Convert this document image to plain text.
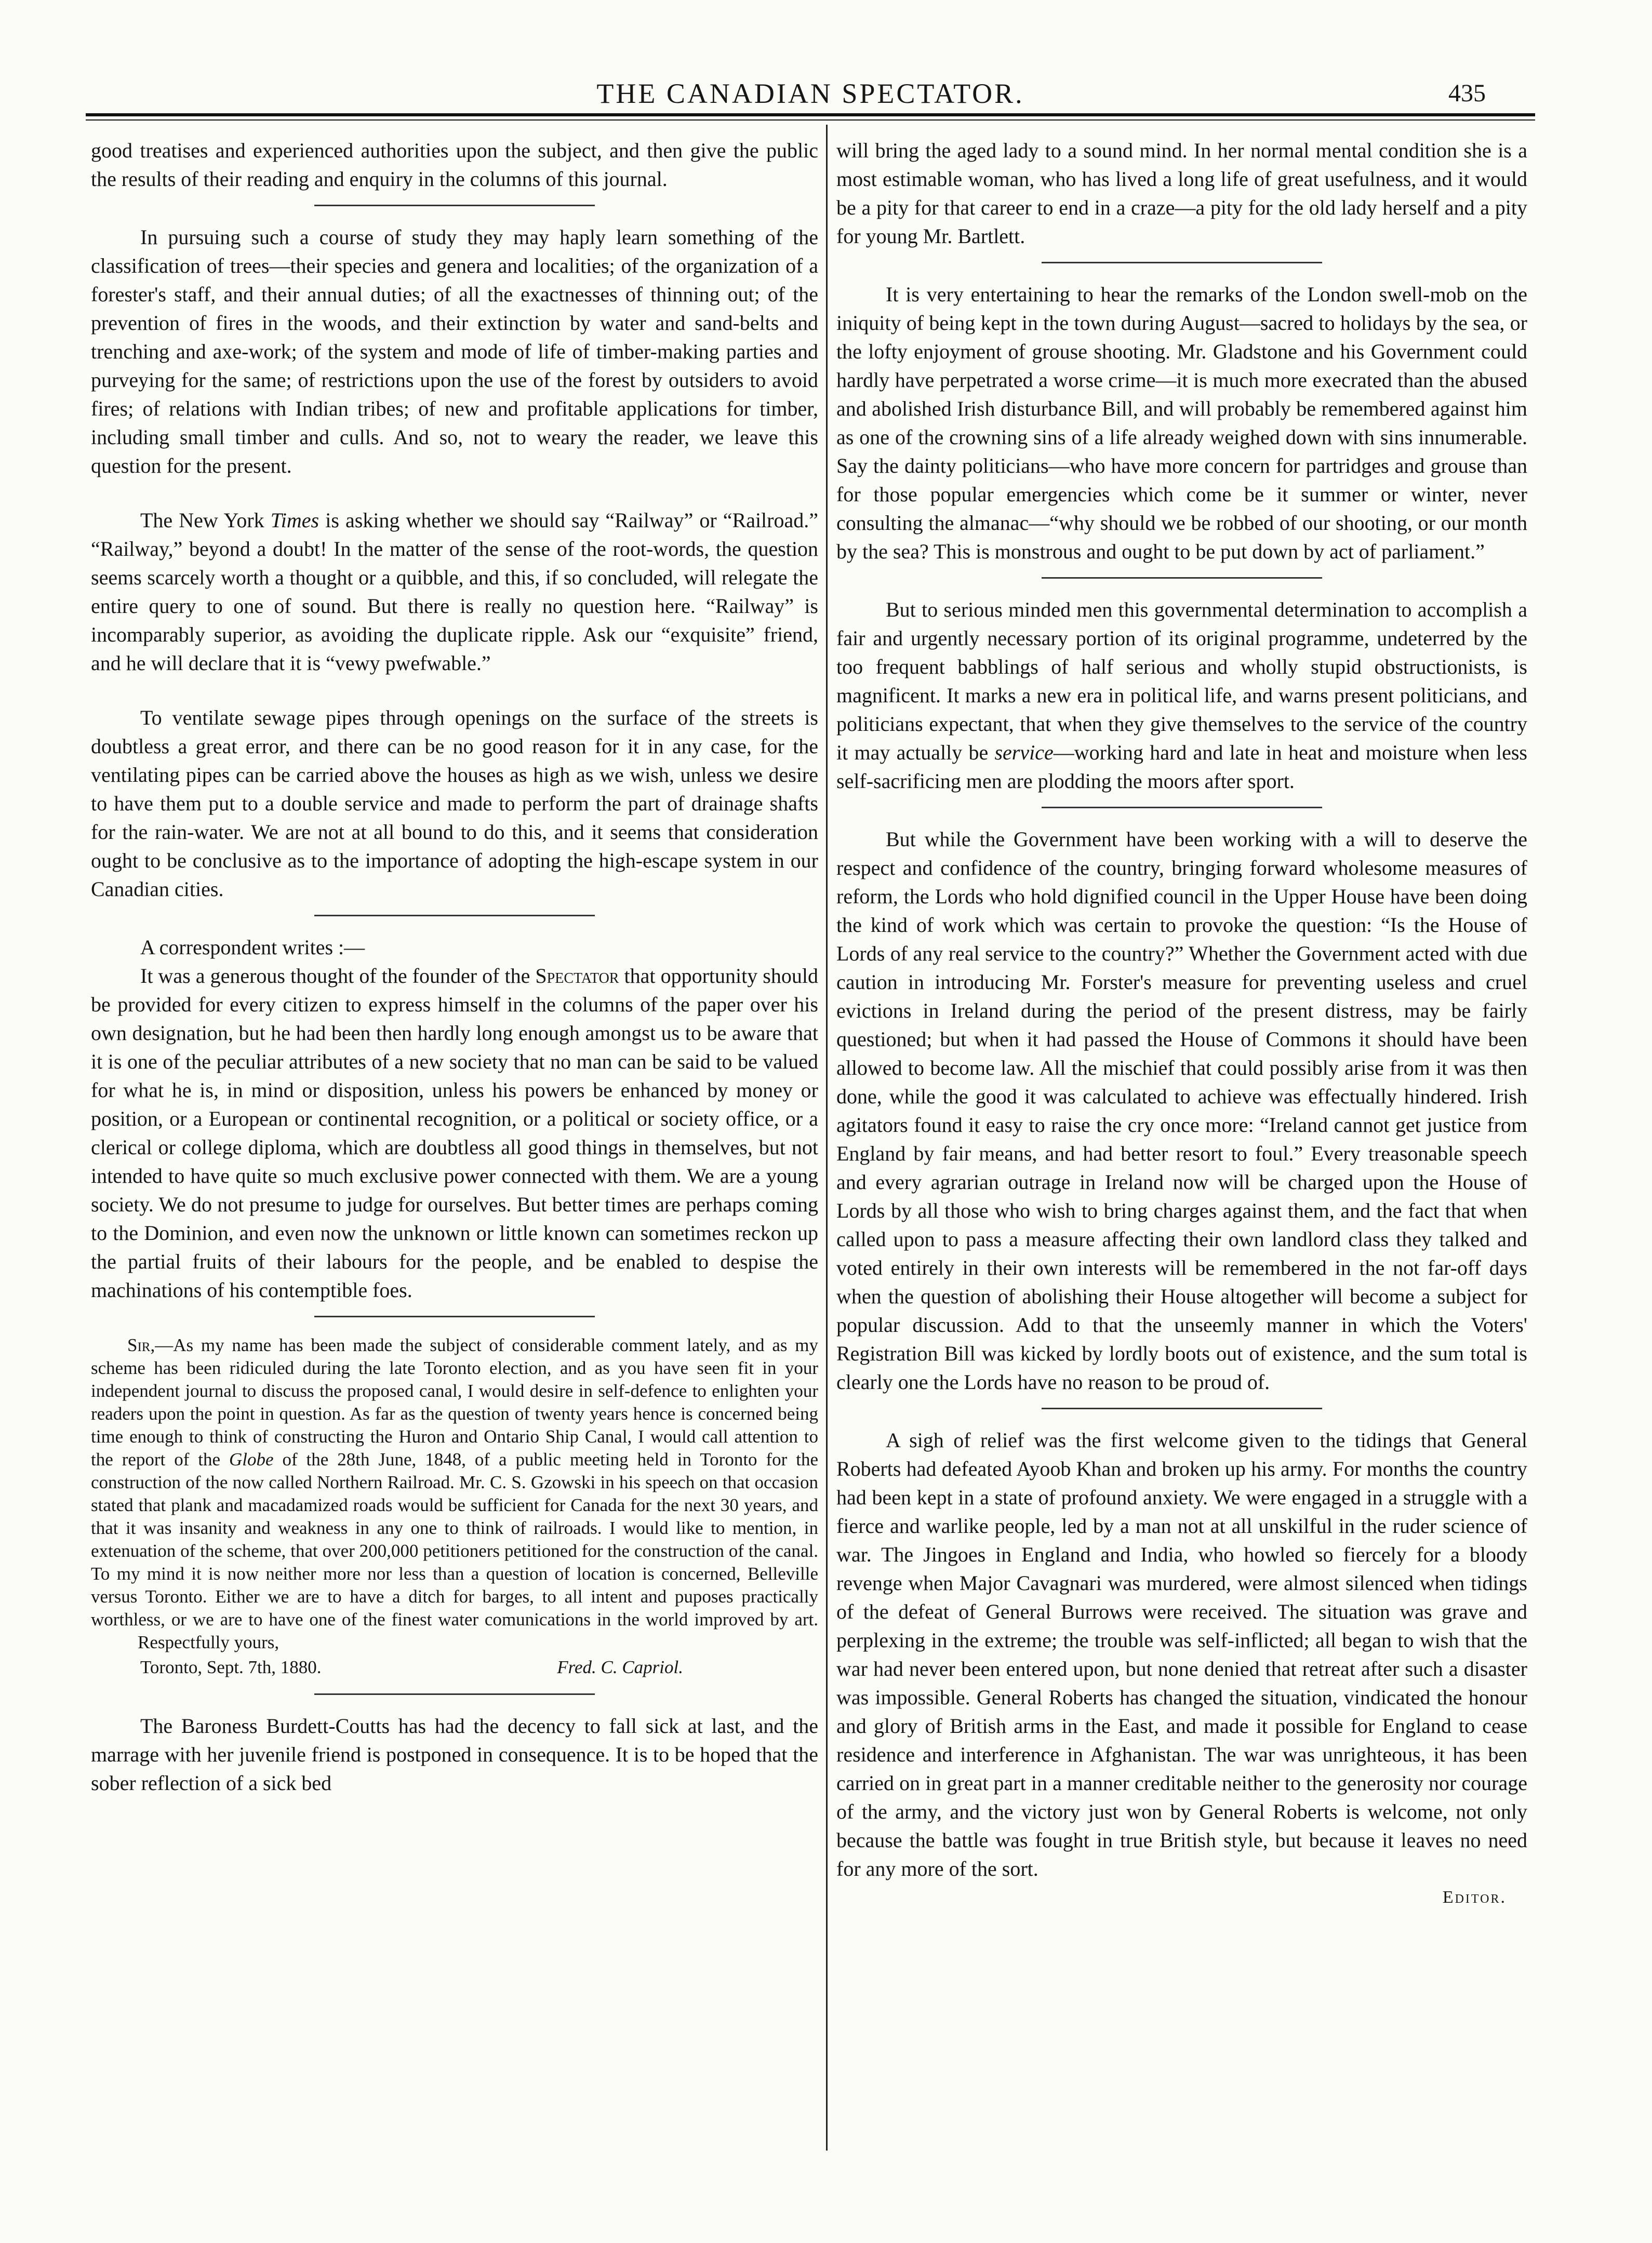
THE CANADIAN SPECTATOR.	435

good treatises and experienced authorities upon the subject, and then give the public the results of their reading and enquiry in the columns of this journal.

In pursuing such a course of study they may haply learn something of the classification of trees—their species and genera and localities; of the organization of a forester's staff, and their annual duties; of all the exactnesses of thinning out; of the prevention of fires in the woods, and their extinction by water and sand-belts and trenching and axe-work; of the system and mode of life of timber-making parties and purveying for the same; of restrictions upon the use of the forest by outsiders to avoid fires; of relations with Indian tribes; of new and profitable applications for timber, including small timber and culls. And so, not to weary the reader, we leave this question for the present.

The New York Times is asking whether we should say “Railway” or “Railroad.” “Railway,” beyond a doubt! In the matter of the sense of the root-words, the question seems scarcely worth a thought or a quibble, and this, if so concluded, will relegate the entire query to one of sound. But there is really no question here. “Railway” is incomparably superior, as avoiding the duplicate ripple. Ask our “exquisite” friend, and he will declare that it is “vewy pwefwable.”

To ventilate sewage pipes through openings on the surface of the streets is doubtless a great error, and there can be no good reason for it in any case, for the ventilating pipes can be carried above the houses as high as we wish, unless we desire to have them put to a double service and made to perform the part of drainage shafts for the rain-water. We are not at all bound to do this, and it seems that consideration ought to be conclusive as to the importance of adopting the high-escape system in our Canadian cities.

A correspondent writes :—

It was a generous thought of the founder of the Spectator that opportunity should be provided for every citizen to express himself in the columns of the paper over his own designation, but he had been then hardly long enough amongst us to be aware that it is one of the peculiar attributes of a new society that no man can be said to be valued for what he is, in mind or disposition, unless his powers be enhanced by money or position, or a European or continental recognition, or a political or society office, or a clerical or college diploma, which are doubtless all good things in themselves, but not intended to have quite so much exclusive power connected with them. We are a young society. We do not presume to judge for ourselves. But better times are perhaps coming to the Dominion, and even now the unknown or little known can sometimes reckon up the partial fruits of their labours for the people, and be enabled to despise the machinations of his contemptible foes.

Sir,—As my name has been made the subject of considerable comment lately, and as my scheme has been ridiculed during the late Toronto election, and as you have seen fit in your independent journal to discuss the proposed canal, I would desire in self-defence to enlighten your readers upon the point in question. As far as the question of twenty years hence is concerned being time enough to think of constructing the Huron and Ontario Ship Canal, I would call attention to the report of the Globe of the 28th June, 1848, of a public meeting held in Toronto for the construction of the now called Northern Railroad. Mr. C. S. Gzowski in his speech on that occasion stated that plank and macadamized roads would be sufficient for Canada for the next 30 years, and that it was insanity and weakness in any one to think of railroads. I would like to mention, in extenuation of the scheme, that over 200,000 petitioners petitioned for the construction of the canal. To my mind it is now neither more nor less than a question of location is concerned, Belleville versus Toronto. Either we are to have a ditch for barges, to all intent and puposes practically worthless, or we are to have one of the finest water comunications in the world improved by art. Respectfully yours,

Toronto, Sept. 7th, 1880.	Fred. C. Capriol.

The Baroness Burdett-Coutts has had the decency to fall sick at last, and the marrage with her juvenile friend is postponed in consequence. It is to be hoped that the sober reflection of a sick bed

will bring the aged lady to a sound mind. In her normal mental condition she is a most estimable woman, who has lived a long life of great usefulness, and it would be a pity for that career to end in a craze—a pity for the old lady herself and a pity for young Mr. Bartlett.

It is very entertaining to hear the remarks of the London swell-mob on the iniquity of being kept in the town during August—sacred to holidays by the sea, or the lofty enjoyment of grouse shooting. Mr. Gladstone and his Government could hardly have perpetrated a worse crime—it is much more execrated than the abused and abolished Irish disturbance Bill, and will probably be remembered against him as one of the crowning sins of a life already weighed down with sins innumerable. Say the dainty politicians—who have more concern for partridges and grouse than for those popular emergencies which come be it summer or winter, never consulting the almanac—“why should we be robbed of our shooting, or our month by the sea? This is monstrous and ought to be put down by act of parliament.”

But to serious minded men this governmental determination to accomplish a fair and urgently necessary portion of its original programme, undeterred by the too frequent babblings of half serious and wholly stupid obstructionists, is magnificent. It marks a new era in political life, and warns present politicians, and politicians expectant, that when they give themselves to the service of the country it may actually be service—working hard and late in heat and moisture when less self-sacrificing men are plodding the moors after sport.

But while the Government have been working with a will to deserve the respect and confidence of the country, bringing forward wholesome measures of reform, the Lords who hold dignified council in the Upper House have been doing the kind of work which was certain to provoke the question: “Is the House of Lords of any real service to the country?” Whether the Government acted with due caution in introducing Mr. Forster's measure for preventing useless and cruel evictions in Ireland during the period of the present distress, may be fairly questioned; but when it had passed the House of Commons it should have been allowed to become law. All the mischief that could possibly arise from it was then done, while the good it was calculated to achieve was effectually hindered. Irish agitators found it easy to raise the cry once more: “Ireland cannot get justice from England by fair means, and had better resort to foul.” Every treasonable speech and every agrarian outrage in Ireland now will be charged upon the House of Lords by all those who wish to bring charges against them, and the fact that when called upon to pass a measure affecting their own landlord class they talked and voted entirely in their own interests will be remembered in the not far-off days when the question of abolishing their House altogether will become a subject for popular discussion. Add to that the unseemly manner in which the Voters' Registration Bill was kicked by lordly boots out of existence, and the sum total is clearly one the Lords have no reason to be proud of.

A sigh of relief was the first welcome given to the tidings that General Roberts had defeated Ayoob Khan and broken up his army. For months the country had been kept in a state of profound anxiety. We were engaged in a struggle with a fierce and warlike people, led by a man not at all unskilful in the ruder science of war. The Jingoes in England and India, who howled so fiercely for a bloody revenge when Major Cavagnari was murdered, were almost silenced when tidings of the defeat of General Burrows were received. The situation was grave and perplexing in the extreme; the trouble was self-inflicted; all began to wish that the war had never been entered upon, but none denied that retreat after such a disaster was impossible. General Roberts has changed the situation, vindicated the honour and glory of British arms in the East, and made it possible for England to cease residence and interference in Afghanistan. The war was unrighteous, it has been carried on in great part in a manner creditable neither to the generosity nor courage of the army, and the victory just won by General Roberts is welcome, not only because the battle was fought in true British style, but because it leaves no need for any more of the sort.

Editor.
